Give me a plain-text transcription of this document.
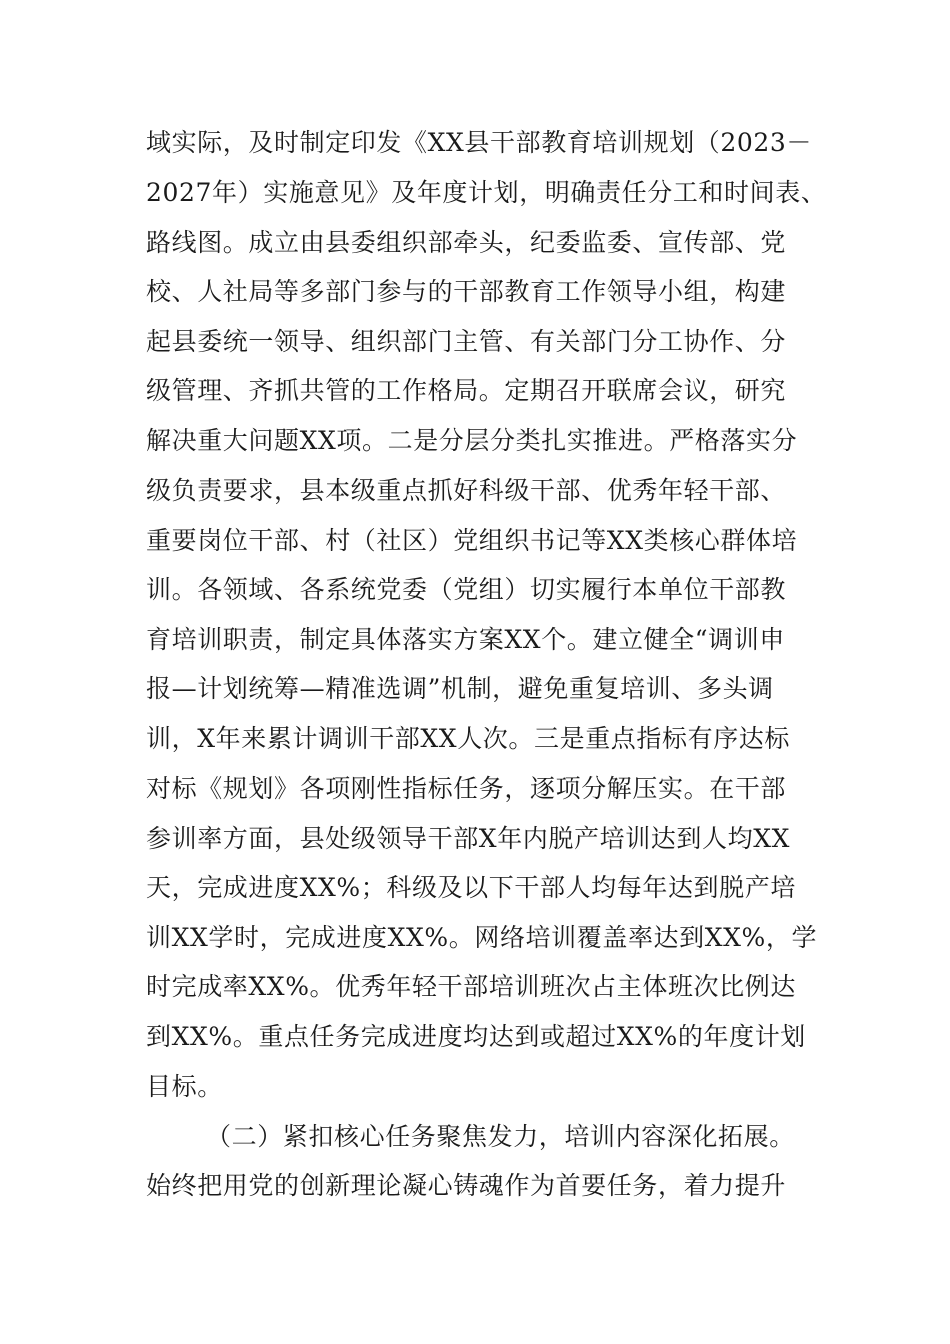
域实际，及时制定印发《XX县干部教育培训规划（2023－
2027年）实施意见》及年度计划，明确责任分工和时间表、
路线图。成立由县委组织部牵头，纪委监委、宣传部、党
校、人社局等多部门参与的干部教育工作领导小组，构建
起县委统一领导、组织部门主管、有关部门分工协作、分
级管理、齐抓共管的工作格局。定期召开联席会议，研究
解决重大问题XX项。二是分层分类扎实推进。严格落实分
级负责要求，县本级重点抓好科级干部、优秀年轻干部、
重要岗位干部、村（社区）党组织书记等XX类核心群体培
训。各领域、各系统党委（党组）切实履行本单位干部教
育培训职责，制定具体落实方案XX个。建立健全“调训申
报—计划统筹—精准选调”机制，避免重复培训、多头调
训，X年来累计调训干部XX人次。三是重点指标有序达标
对标《规划》各项刚性指标任务，逐项分解压实。在干部
参训率方面，县处级领导干部X年内脱产培训达到人均XX
天，完成进度XX%；科级及以下干部人均每年达到脱产培
训XX学时，完成进度XX%。网络培训覆盖率达到XX%，学
时完成率XX%。优秀年轻干部培训班次占主体班次比例达
到XX%。重点任务完成进度均达到或超过XX%的年度计划
目标。
（二）紧扣核心任务聚焦发力，培训内容深化拓展。
始终把用党的创新理论凝心铸魂作为首要任务，着力提升
